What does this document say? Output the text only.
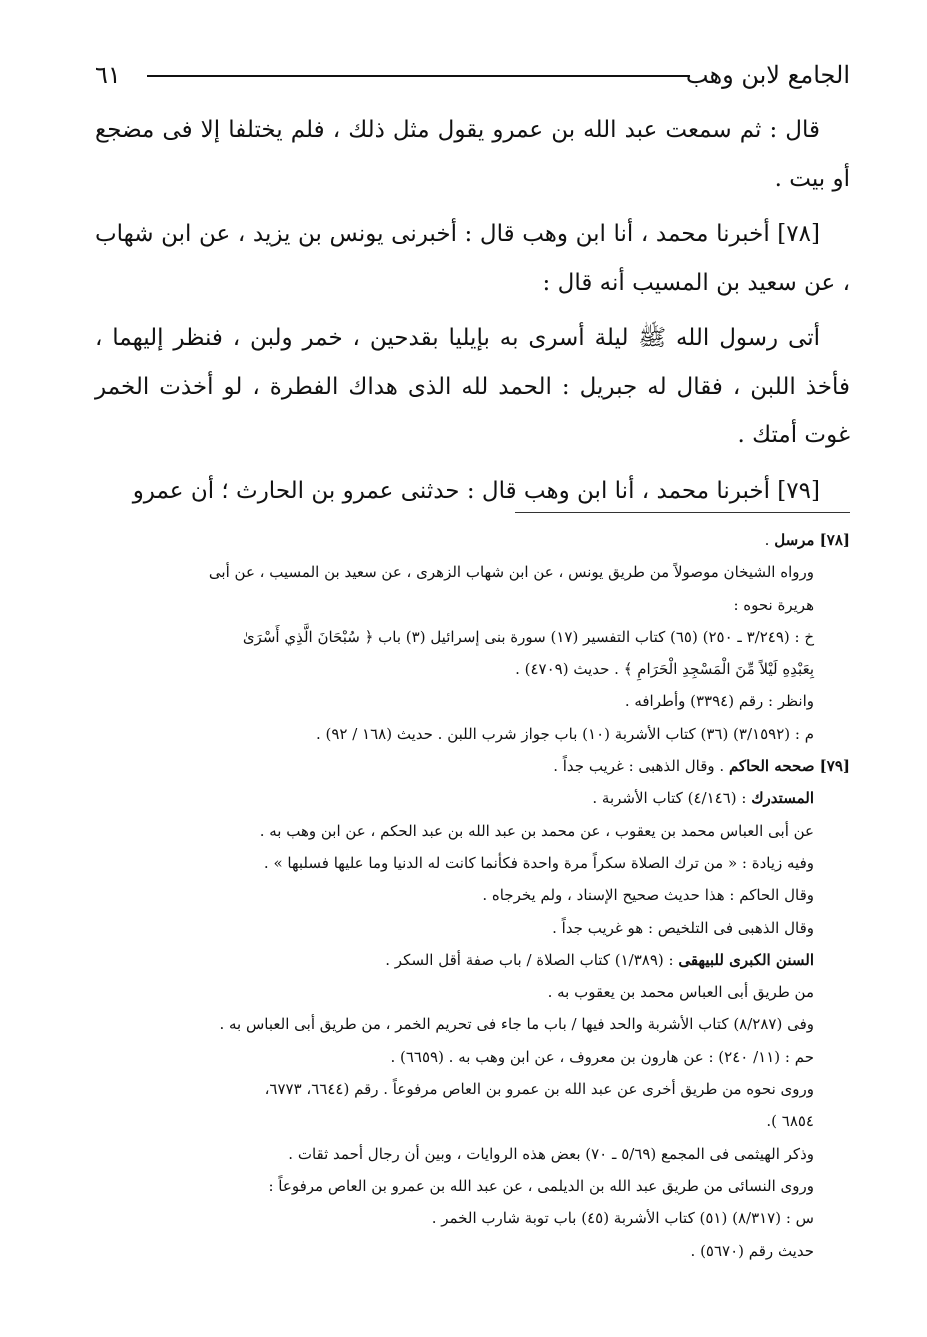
الجامع لابن وهب
٦١

قال : ثم سمعت عبد الله بن عمرو يقول مثل ذلك ، فلم يختلفا إلا فى مضجع أو بيت .

[٧٨] أخبرنا محمد ، أنا ابن وهب قال : أخبرنى يونس بن يزيد ، عن ابن شهاب ، عن سعيد بن المسيب أنه قال :

أتى رسول الله ﷺ ليلة أسرى به بإيليا بقدحين ، خمر ولبن ، فنظر إليهما ، فأخذ اللبن ، فقال له جبريل : الحمد لله الذى هداك الفطرة ، لو أخذت الخمر غوت أمتك .

[٧٩] أخبرنا محمد ، أنا ابن وهب قال : حدثنى عمرو بن الحارث ؛ أن عمرو

[٧٨] مرسل .

ورواه الشيخان موصولاً من طريق يونس ، عن ابن شهاب الزهرى ، عن سعيد بن المسيب ، عن أبى

هريرة نحوه :

خ : (٣/٢٤٩ ـ ٢٥٠) (٦٥) كتاب التفسير (١٧) سورة بنى إسرائيل (٣) باب ﴿ سُبْحَانَ الَّذِي أَسْرَىٰ

بِعَبْدِهِ لَيْلاً مِّنَ الْمَسْجِدِ الْحَرَامِ ﴾ . حديث (٤٧٠٩) .

وانظر : رقم (٣٣٩٤) وأطرافه .

م : (٣/١٥٩٢) (٣٦) كتاب الأشربة (١٠) باب جواز شرب اللبن . حديث (١٦٨ / ٩٢) .

[٧٩] صححه الحاكم . وقال الذهبى : غريب جداً .

المستدرك : (٤/١٤٦) كتاب الأشربة .

عن أبى العباس محمد بن يعقوب ، عن محمد بن عبد الله بن عبد الحكم ، عن ابن وهب به .

وفيه زيادة : « من ترك الصلاة سكراً مرة واحدة فكأنما كانت له الدنيا وما عليها فسلبها » .

وقال الحاكم : هذا حديث صحيح الإسناد ، ولم يخرجاه .

وقال الذهبى فى التلخيص : هو غريب جداً .

السنن الكبرى للبيهقى : (١/٣٨٩) كتاب الصلاة / باب صفة أقل السكر .

من طريق أبى العباس محمد بن يعقوب به .

وفى (٨/٢٨٧) كتاب الأشربة والحد فيها / باب ما جاء فى تحريم الخمر ، من طريق أبى العباس به .

حم : (١١/ ٢٤٠) : عن هارون بن معروف ، عن ابن وهب به . (٦٦٥٩) .

وروى نحوه من طريق أخرى عن عبد الله بن عمرو بن العاص مرفوعاً . رقم (٦٦٤٤، ٦٧٧٣،

٦٨٥٤ ).

وذكر الهيثمى فى المجمع (٥/٦٩ ـ ٧٠) بعض هذه الروايات ، وبين أن رجال أحمد ثقات .

وروى النسائى من طريق عبد الله بن الديلمى ، عن عبد الله بن عمرو بن العاص مرفوعاً :

س : (٨/٣١٧) (٥١) كتاب الأشربة (٤٥) باب توبة شارب الخمر .

حديث رقم (٥٦٧٠) .
